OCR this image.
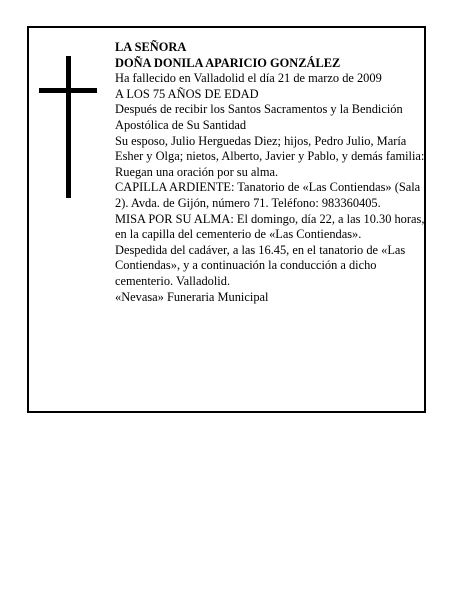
LA SEÑORA

DOÑA DONILA APARICIO GONZÁLEZ

Ha fallecido en Valladolid el día 21 de marzo de 2009

A LOS 75 AÑOS DE EDAD

Después de recibir los Santos Sacramentos y la Bendición Apostólica de Su Santidad

Su esposo, Julio Herguedas Diez; hijos, Pedro Julio, María Esher y Olga; nietos, Alberto, Javier y Pablo, y demás familia:

Ruegan una oración por su alma.

CAPILLA ARDIENTE: Tanatorio de «Las Contiendas» (Sala 2). Avda. de Gijón, número 71. Teléfono: 983360405.

MISA POR SU ALMA: El domingo, día 22, a las 10.30 horas, en la capilla del cementerio de «Las Contiendas».

Despedida del cadáver, a las 16.45, en el tanatorio de «Las Contiendas», y a continuación la conducción a dicho cementerio. Valladolid.

«Nevasa» Funeraria Municipal
